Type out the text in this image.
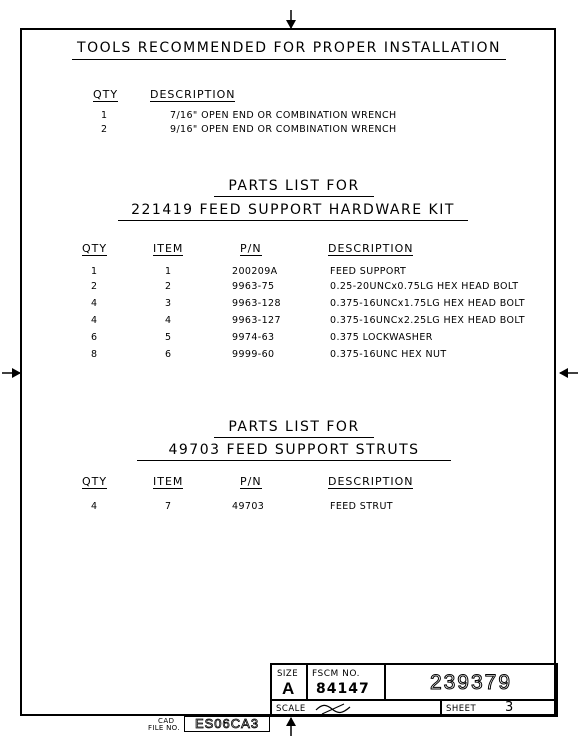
TOOLS RECOMMENDED FOR PROPER INSTALLATION
QTY	DESCRIPTION
1	7/16" OPEN END OR COMBINATION WRENCH
2	9/16" OPEN END OR COMBINATION WRENCH
PARTS LIST FOR
221419 FEED SUPPORT HARDWARE KIT
QTY	ITEM	P/N	DESCRIPTION
1	1	200209A	FEED SUPPORT
2	2	9963-75	0.25-20UNCx0.75LG HEX HEAD BOLT
4	3	9963-128	0.375-16UNCx1.75LG HEX HEAD BOLT
4	4	9963-127	0.375-16UNCx2.25LG HEX HEAD BOLT
6	5	9974-63	0.375 LOCKWASHER
8	6	9999-60	0.375-16UNC HEX NUT
PARTS LIST FOR
49703 FEED SUPPORT STRUTS
QTY	ITEM	P/N	DESCRIPTION
4	7	49703	FEED STRUT
SIZE
A
FSCM NO.
84147	239379
SCALE	SHEET 3
CAD
FILE NO.	ES06CA3
